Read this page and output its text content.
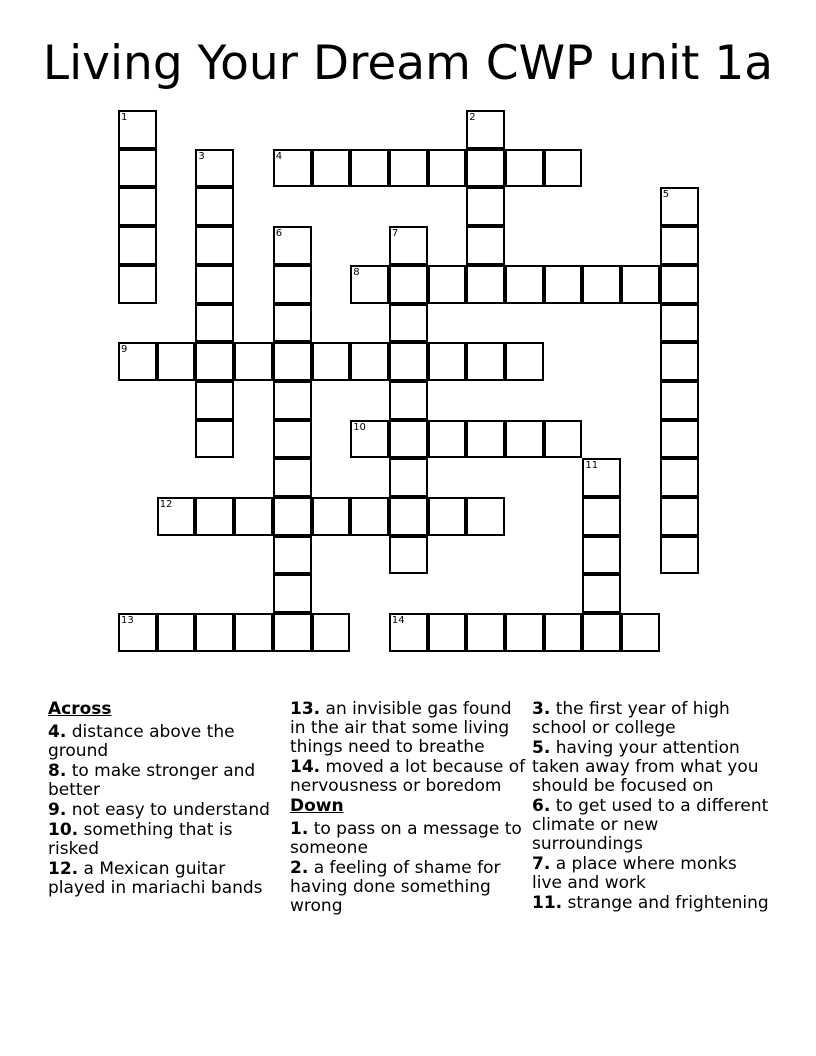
Living Your Dream CWP unit 1a
1	2
3	4
5
6	7
8
9
10
11
12
13	14
Across
4. distance above the ground
8. to make stronger and better
9. not easy to understand
10. something that is risked
12. a Mexican guitar played in mariachi bands
13. an invisible gas found in the air that some living things need to breathe
14. moved a lot because of nervousness or boredom
Down
1. to pass on a message to someone
2. a feeling of shame for having done something wrong
3. the first year of high school or college
5. having your attention taken away from what you should be focused on
6. to get used to a different climate or new surroundings
7. a place where monks live and work
11. strange and frightening
